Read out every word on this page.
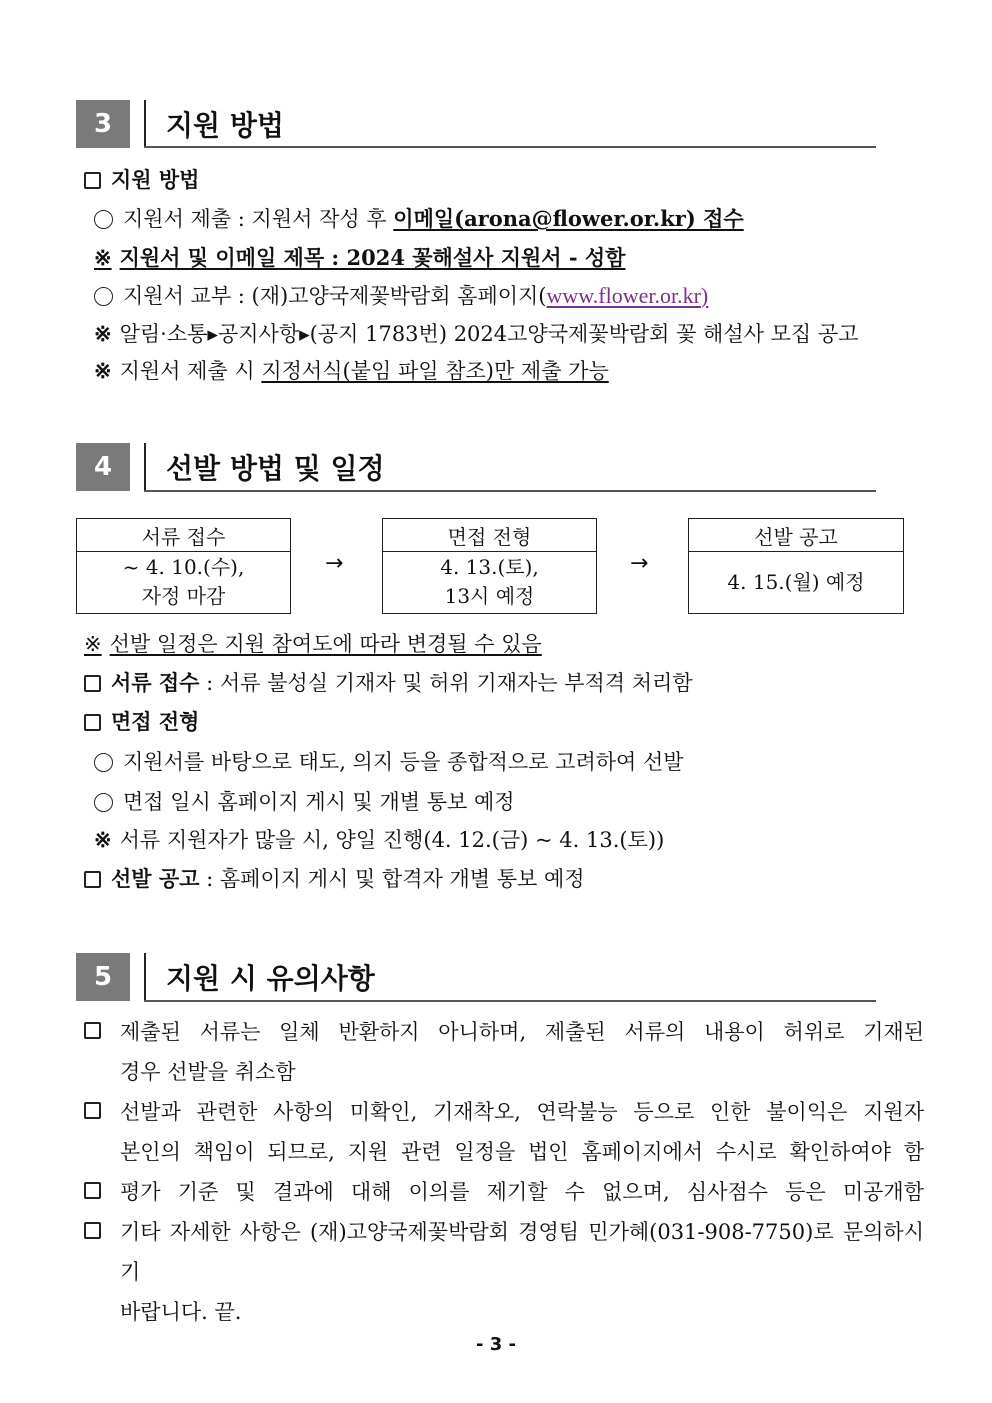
3	지원 방법
지원 방법
지원서 제출 : 지원서 작성 후 이메일(arona@flower.or.kr) 접수
※ 지원서 및 이메일 제목 : 2024 꽃해설사 지원서 - 성함
지원서 교부 : (재)고양국제꽃박람회 홈페이지(www.flower.or.kr)
※ 알림·소통▸공지사항▸(공지 1783번) 2024고양국제꽃박람회 꽃 해설사 모집 공고
※ 지원서 제출 시 지정서식(붙임 파일 참조)만 제출 가능
4	선발 방법 및 일정
서류 접수
~ 4. 10.(수),
자정 마감
→
면접 전형
4. 13.(토),
13시 예정
→
선발 공고
4. 15.(월) 예정
※ 선발 일정은 지원 참여도에 따라 변경될 수 있음
서류 접수 : 서류 불성실 기재자 및 허위 기재자는 부적격 처리함
면접 전형
지원서를 바탕으로 태도, 의지 등을 종합적으로 고려하여 선발
면접 일시 홈페이지 게시 및 개별 통보 예정
※ 서류 지원자가 많을 시, 양일 진행(4. 12.(금) ~ 4. 13.(토))
선발 공고 : 홈페이지 게시 및 합격자 개별 통보 예정
5	지원 시 유의사항
제출된 서류는 일체 반환하지 아니하며, 제출된 서류의 내용이 허위로 기재된
경우 선발을 취소함
선발과 관련한 사항의 미확인, 기재착오, 연락불능 등으로 인한 불이익은 지원자
본인의 책임이 되므로, 지원 관련 일정을 법인 홈페이지에서 수시로 확인하여야 함
평가 기준 및 결과에 대해 이의를 제기할 수 없으며, 심사점수 등은 미공개함
기타 자세한 사항은 (재)고양국제꽃박람회 경영팀 민가혜(031-908-7750)로 문의하시기
바랍니다. 끝.
- 3 -
